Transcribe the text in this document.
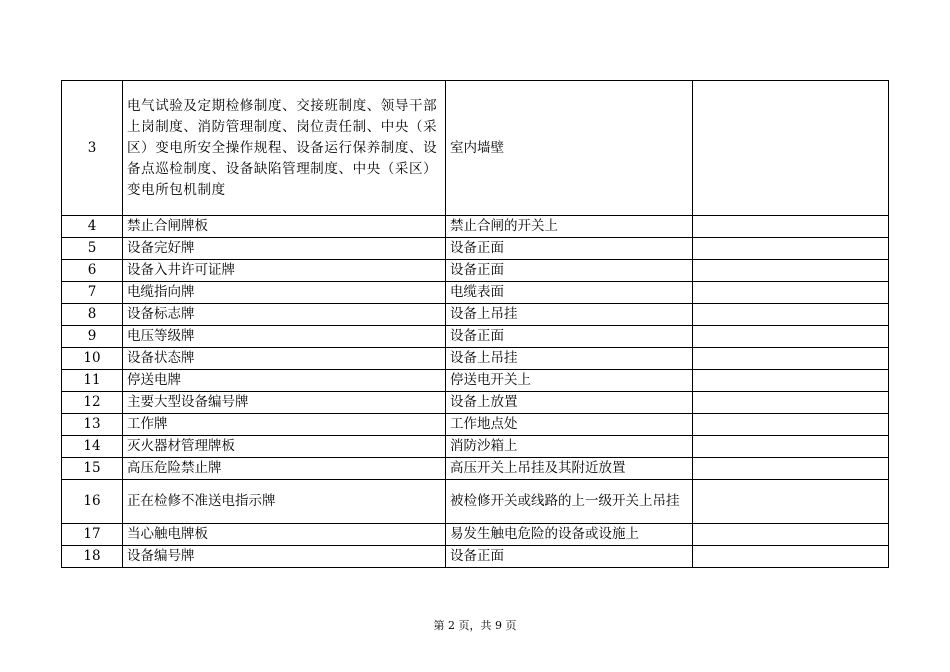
3	电气试验及定期检修制度、交接班制度、领导干部上岗制度、消防管理制度、岗位责任制、中央（采区）变电所安全操作规程、设备运行保养制度、设备点巡检制度、设备缺陷管理制度、中央（采区）变电所包机制度	室内墙壁	
4	禁止合闸牌板	禁止合闸的开关上	
5	设备完好牌	设备正面	
6	设备入井许可证牌	设备正面	
7	电缆指向牌	电缆表面	
8	设备标志牌	设备上吊挂	
9	电压等级牌	设备正面	
10	设备状态牌	设备上吊挂	
11	停送电牌	停送电开关上	
12	主要大型设备编号牌	设备上放置	
13	工作牌	工作地点处	
14	灭火器材管理牌板	消防沙箱上	
15	高压危险禁止牌	高压开关上吊挂及其附近放置	
16	正在检修不准送电指示牌	被检修开关或线路的上一级开关上吊挂	
17	当心触电牌板	易发生触电危险的设备或设施上	
18	设备编号牌	设备正面	
第 2 页，共 9 页
